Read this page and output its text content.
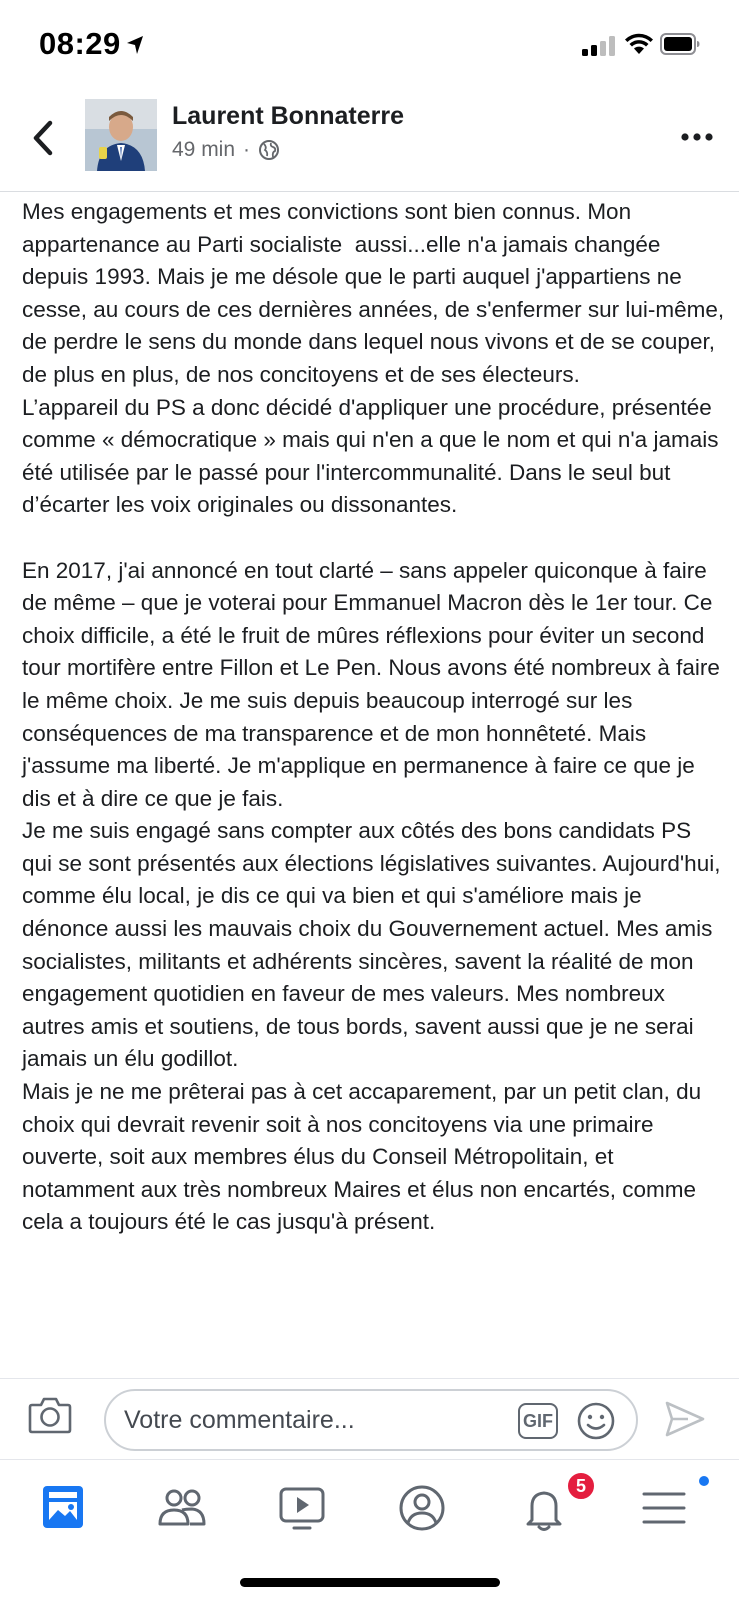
08:29
Laurent Bonnaterre
49 min ·
Mes engagements et mes convictions sont bien connus. Mon appartenance au Parti socialiste  aussi...elle n'a jamais changée depuis 1993. Mais je me désole que le parti auquel j'appartiens ne cesse, au cours de ces dernières années, de s'enfermer sur lui-même, de perdre le sens du monde dans lequel nous vivons et de se couper, de plus en plus, de nos concitoyens et de ses électeurs.
L’appareil du PS a donc décidé d'appliquer une procédure, présentée comme « démocratique » mais qui n'en a que le nom et qui n'a jamais été utilisée par le passé pour l'intercommunalité. Dans le seul but d’écarter les voix originales ou dissonantes.
En 2017, j'ai annoncé en tout clarté – sans appeler quiconque à faire de même – que je voterai pour Emmanuel Macron dès le 1er tour. Ce choix difficile, a été le fruit de mûres réflexions pour éviter un second tour mortifère entre Fillon et Le Pen. Nous avons été nombreux à faire le même choix. Je me suis depuis beaucoup interrogé sur les conséquences de ma transparence et de mon honnêteté. Mais j'assume ma liberté. Je m'applique en permanence à faire ce que je dis et à dire ce que je fais.
Je me suis engagé sans compter aux côtés des bons candidats PS qui se sont présentés aux élections législatives suivantes. Aujourd'hui, comme élu local, je dis ce qui va bien et qui s'améliore mais je dénonce aussi les mauvais choix du Gouvernement actuel. Mes amis socialistes, militants et adhérents sincères, savent la réalité de mon engagement quotidien en faveur de mes valeurs. Mes nombreux autres amis et soutiens, de tous bords, savent aussi que je ne serai jamais un élu godillot.
Mais je ne me prêterai pas à cet accaparement, par un petit clan, du choix qui devrait revenir soit à nos concitoyens via une primaire ouverte, soit aux membres élus du Conseil Métropolitain, et notamment aux très nombreux Maires et élus non encartés, comme cela a toujours été le cas jusqu'à présent.
Votre commentaire...
GIF
5
